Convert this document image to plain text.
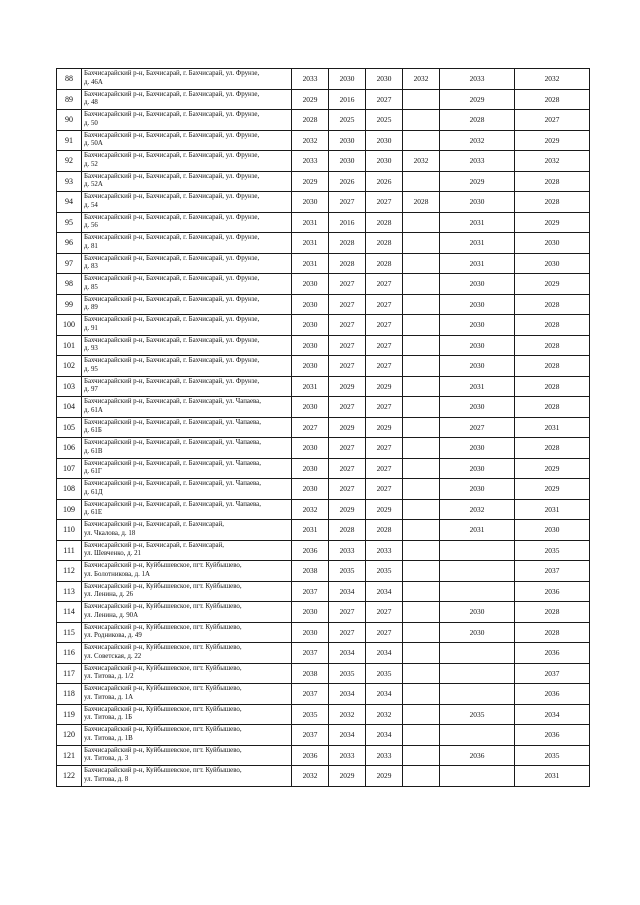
88	Бахчисарайский р-н, Бахчисарай, г. Бахчисарай, ул. Фрунзе,
д. 46А	2033	2030	2030	2032	2033	2032
89	Бахчисарайский р-н, Бахчисарай, г. Бахчисарай, ул. Фрунзе,
д. 48	2029	2016	2027		2029	2028
90	Бахчисарайский р-н, Бахчисарай, г. Бахчисарай, ул. Фрунзе,
д. 50	2028	2025	2025		2028	2027
91	Бахчисарайский р-н, Бахчисарай, г. Бахчисарай, ул. Фрунзе,
д. 50А	2032	2030	2030		2032	2029
92	Бахчисарайский р-н, Бахчисарай, г. Бахчисарай, ул. Фрунзе,
д. 52	2033	2030	2030	2032	2033	2032
93	Бахчисарайский р-н, Бахчисарай, г. Бахчисарай, ул. Фрунзе,
д. 52А	2029	2026	2026		2029	2028
94	Бахчисарайский р-н, Бахчисарай, г. Бахчисарай, ул. Фрунзе,
д. 54	2030	2027	2027	2028	2030	2028
95	Бахчисарайский р-н, Бахчисарай, г. Бахчисарай, ул. Фрунзе,
д. 56	2031	2016	2028		2031	2029
96	Бахчисарайский р-н, Бахчисарай, г. Бахчисарай, ул. Фрунзе,
д. 81	2031	2028	2028		2031	2030
97	Бахчисарайский р-н, Бахчисарай, г. Бахчисарай, ул. Фрунзе,
д. 83	2031	2028	2028		2031	2030
98	Бахчисарайский р-н, Бахчисарай, г. Бахчисарай, ул. Фрунзе,
д. 85	2030	2027	2027		2030	2029
99	Бахчисарайский р-н, Бахчисарай, г. Бахчисарай, ул. Фрунзе,
д. 89	2030	2027	2027		2030	2028
100	Бахчисарайский р-н, Бахчисарай, г. Бахчисарай, ул. Фрунзе,
д. 91	2030	2027	2027		2030	2028
101	Бахчисарайский р-н, Бахчисарай, г. Бахчисарай, ул. Фрунзе,
д. 93	2030	2027	2027		2030	2028
102	Бахчисарайский р-н, Бахчисарай, г. Бахчисарай, ул. Фрунзе,
д. 95	2030	2027	2027		2030	2028
103	Бахчисарайский р-н, Бахчисарай, г. Бахчисарай, ул. Фрунзе,
д. 97	2031	2029	2029		2031	2028
104	Бахчисарайский р-н, Бахчисарай, г. Бахчисарай, ул. Чапаева,
д. 61А	2030	2027	2027		2030	2028
105	Бахчисарайский р-н, Бахчисарай, г. Бахчисарай, ул. Чапаева,
д. 61Б	2027	2029	2029		2027	2031
106	Бахчисарайский р-н, Бахчисарай, г. Бахчисарай, ул. Чапаева,
д. 61В	2030	2027	2027		2030	2028
107	Бахчисарайский р-н, Бахчисарай, г. Бахчисарай, ул. Чапаева,
д. 61Г	2030	2027	2027		2030	2029
108	Бахчисарайский р-н, Бахчисарай, г. Бахчисарай, ул. Чапаева,
д. 61Д	2030	2027	2027		2030	2029
109	Бахчисарайский р-н, Бахчисарай, г. Бахчисарай, ул. Чапаева,
д. 61Е	2032	2029	2029		2032	2031
110	Бахчисарайский р-н, Бахчисарай, г. Бахчисарай,
ул. Чкалова, д. 18	2031	2028	2028		2031	2030
111	Бахчисарайский р-н, Бахчисарай, г. Бахчисарай,
ул. Шевченко, д. 21	2036	2033	2033			2035
112	Бахчисарайский р-н, Куйбышевское, пгт. Куйбышево,
ул. Болотникова, д. 1А	2038	2035	2035			2037
113	Бахчисарайский р-н, Куйбышевское, пгт. Куйбышево,
ул. Ленина, д. 26	2037	2034	2034			2036
114	Бахчисарайский р-н, Куйбышевское, пгт. Куйбышево,
ул. Ленина, д. 90А	2030	2027	2027		2030	2028
115	Бахчисарайский р-н, Куйбышевское, пгт. Куйбышево,
ул. Родникова, д. 49	2030	2027	2027		2030	2028
116	Бахчисарайский р-н, Куйбышевское, пгт. Куйбышево,
ул. Советская, д. 22	2037	2034	2034			2036
117	Бахчисарайский р-н, Куйбышевское, пгт. Куйбышево,
ул. Титова, д. 1/2	2038	2035	2035			2037
118	Бахчисарайский р-н, Куйбышевское, пгт. Куйбышево,
ул. Титова, д. 1А	2037	2034	2034			2036
119	Бахчисарайский р-н, Куйбышевское, пгт. Куйбышево,
ул. Титова, д. 1Б	2035	2032	2032		2035	2034
120	Бахчисарайский р-н, Куйбышевское, пгт. Куйбышево,
ул. Титова, д. 1В	2037	2034	2034			2036
121	Бахчисарайский р-н, Куйбышевское, пгт. Куйбышево,
ул. Титова, д. 3	2036	2033	2033		2036	2035
122	Бахчисарайский р-н, Куйбышевское, пгт. Куйбышево,
ул. Титова, д. 8	2032	2029	2029			2031
